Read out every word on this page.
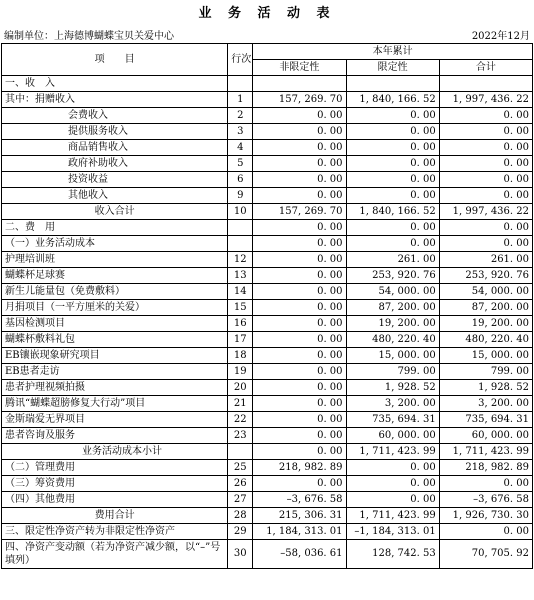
业 务 活 动 表
编制单位：上海德博蝴蝶宝贝关爱中心	2022年12月
项　　目	行次	本年累计		
		非限定性	限定性	合计
一、收　入				
其中：捐赠收入	1	157, 269. 70	1, 840, 166. 52	1, 997, 436. 22
会费收入	2	0. 00	0. 00	0. 00
提供服务收入	3	0. 00	0. 00	0. 00
商品销售收入	4	0. 00	0. 00	0. 00
政府补助收入	5	0. 00	0. 00	0. 00
投资收益	6	0. 00	0. 00	0. 00
其他收入	9	0. 00	0. 00	0. 00
收入合计	10	157, 269. 70	1, 840, 166. 52	1, 997, 436. 22
二、费　用		0. 00	0. 00	0. 00
（一）业务活动成本		0. 00	0. 00	0. 00
护理培训班	12	0. 00	261. 00	261. 00
蝴蝶杯足球赛	13	0. 00	253, 920. 76	253, 920. 76
新生儿能量包（免费敷料）	14	0. 00	54, 000. 00	54, 000. 00
月捐项目（一平方厘米的关爱）	15	0. 00	87, 200. 00	87, 200. 00
基因检测项目	16	0. 00	19, 200. 00	19, 200. 00
蝴蝶杯敷料礼包	17	0. 00	480, 220. 40	480, 220. 40
EB镶嵌现象研究项目	18	0. 00	15, 000. 00	15, 000. 00
EB患者走访	19	0. 00	799. 00	799. 00
患者护理视频拍摄	20	0. 00	1, 928. 52	1, 928. 52
腾讯“蝴蝶超膀修复大行动”项目	21	0. 00	3, 200. 00	3, 200. 00
金斯瑞爱无界项目	22	0. 00	735, 694. 31	735, 694. 31
患者咨询及服务	23	0. 00	60, 000. 00	60, 000. 00
业务活动成本小计		0. 00	1, 711, 423. 99	1, 711, 423. 99
（二）管理费用	25	218, 982. 89	0. 00	218, 982. 89
（三）筹资费用	26	0. 00	0. 00	0. 00
（四）其他费用	27	–3, 676. 58	0. 00	–3, 676. 58
费用合计	28	215, 306. 31	1, 711, 423. 99	1, 926, 730. 30
三、限定性净资产转为非限定性净资产	29	1, 184, 313. 01	–1, 184, 313. 01	0. 00
四、净资产变动额（若为净资产减少额，以“–”号填列）	30	–58, 036. 61	128, 742. 53	70, 705. 92
